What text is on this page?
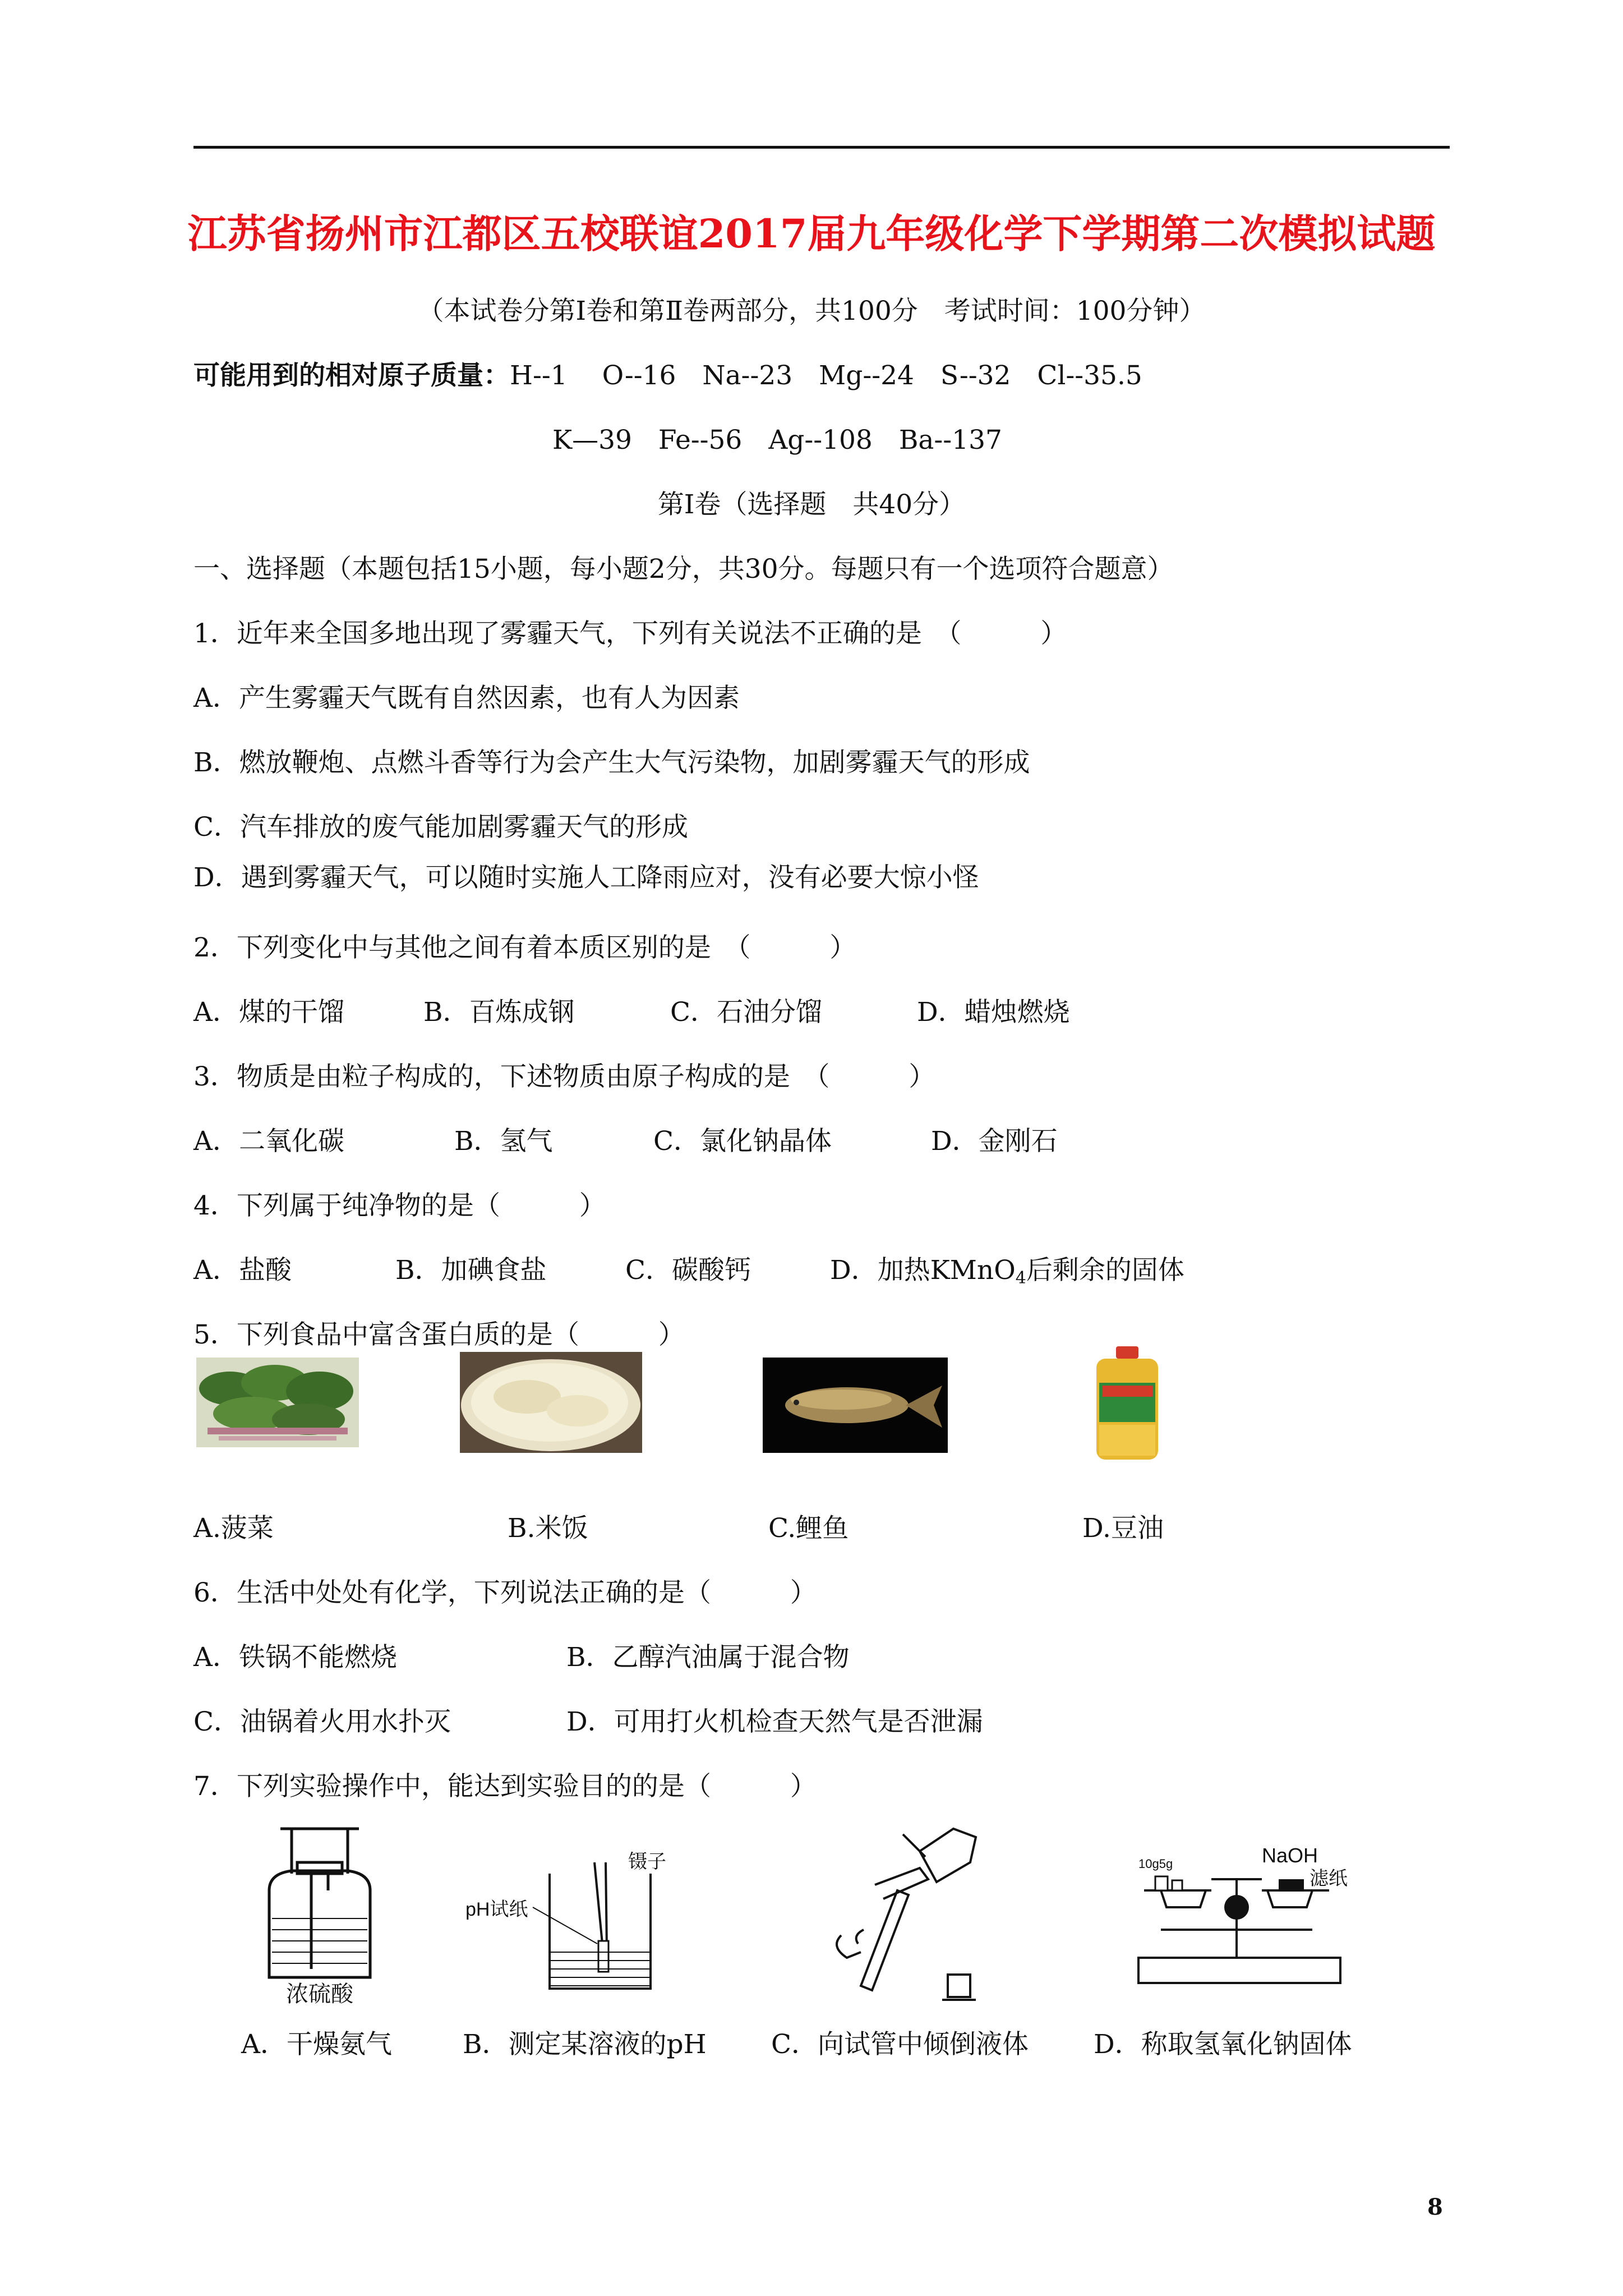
江苏省扬州市江都区五校联谊2017届九年级化学下学期第二次模拟试题
（本试卷分第Ⅰ卷和第Ⅱ卷两部分，共100分　考试时间：100分钟）
可能用到的相对原子质量：H--1　 O--16　Na--23　Mg--24　S--32　Cl--35.5
K—39　Fe--56　Ag--108　Ba--137
第Ⅰ卷（选择题　共40分）
一、选择题（本题包括15小题，每小题2分，共30分。每题只有一个选项符合题意）
1．近年来全国多地出现了雾霾天气，下列有关说法不正确的是　（　　　）
A．产生雾霾天气既有自然因素，也有人为因素
B．燃放鞭炮、点燃斗香等行为会产生大气污染物，加剧雾霾天气的形成
C．汽车排放的废气能加剧雾霾天气的形成
D．遇到雾霾天气，可以随时实施人工降雨应对，没有必要大惊小怪
2．下列变化中与其他之间有着本质区别的是　（　　　）
A．煤的干馏	B．百炼成钢	C．石油分馏	D．蜡烛燃烧
3．物质是由粒子构成的，下述物质由原子构成的是　（　　　）
A．二氧化碳	B．氢气	C．氯化钠晶体	D．金刚石
4．下列属于纯净物的是（　　　）
A．盐酸	B．加碘食盐	C．碳酸钙	D．加热KMnO$_4$后剩余的固体
5．下列食品中富含蛋白质的是（　　　）
A.菠菜	B.米饭	C.鲤鱼	D.豆油
6．生活中处处有化学，下列说法正确的是（　　　）
A．铁锅不能燃烧	B．乙醇汽油属于混合物
C．油锅着火用水扑灭	D．可用打火机检查天然气是否泄漏
7．下列实验操作中，能达到实验目的的是（　　　）
浓硫酸
镊子
pH试纸
10g5g	NaOH
滤纸
A．干燥氨气	B．测定某溶液的pH C．向试管中倾倒液体 D．称取氢氧化钠固体
8
